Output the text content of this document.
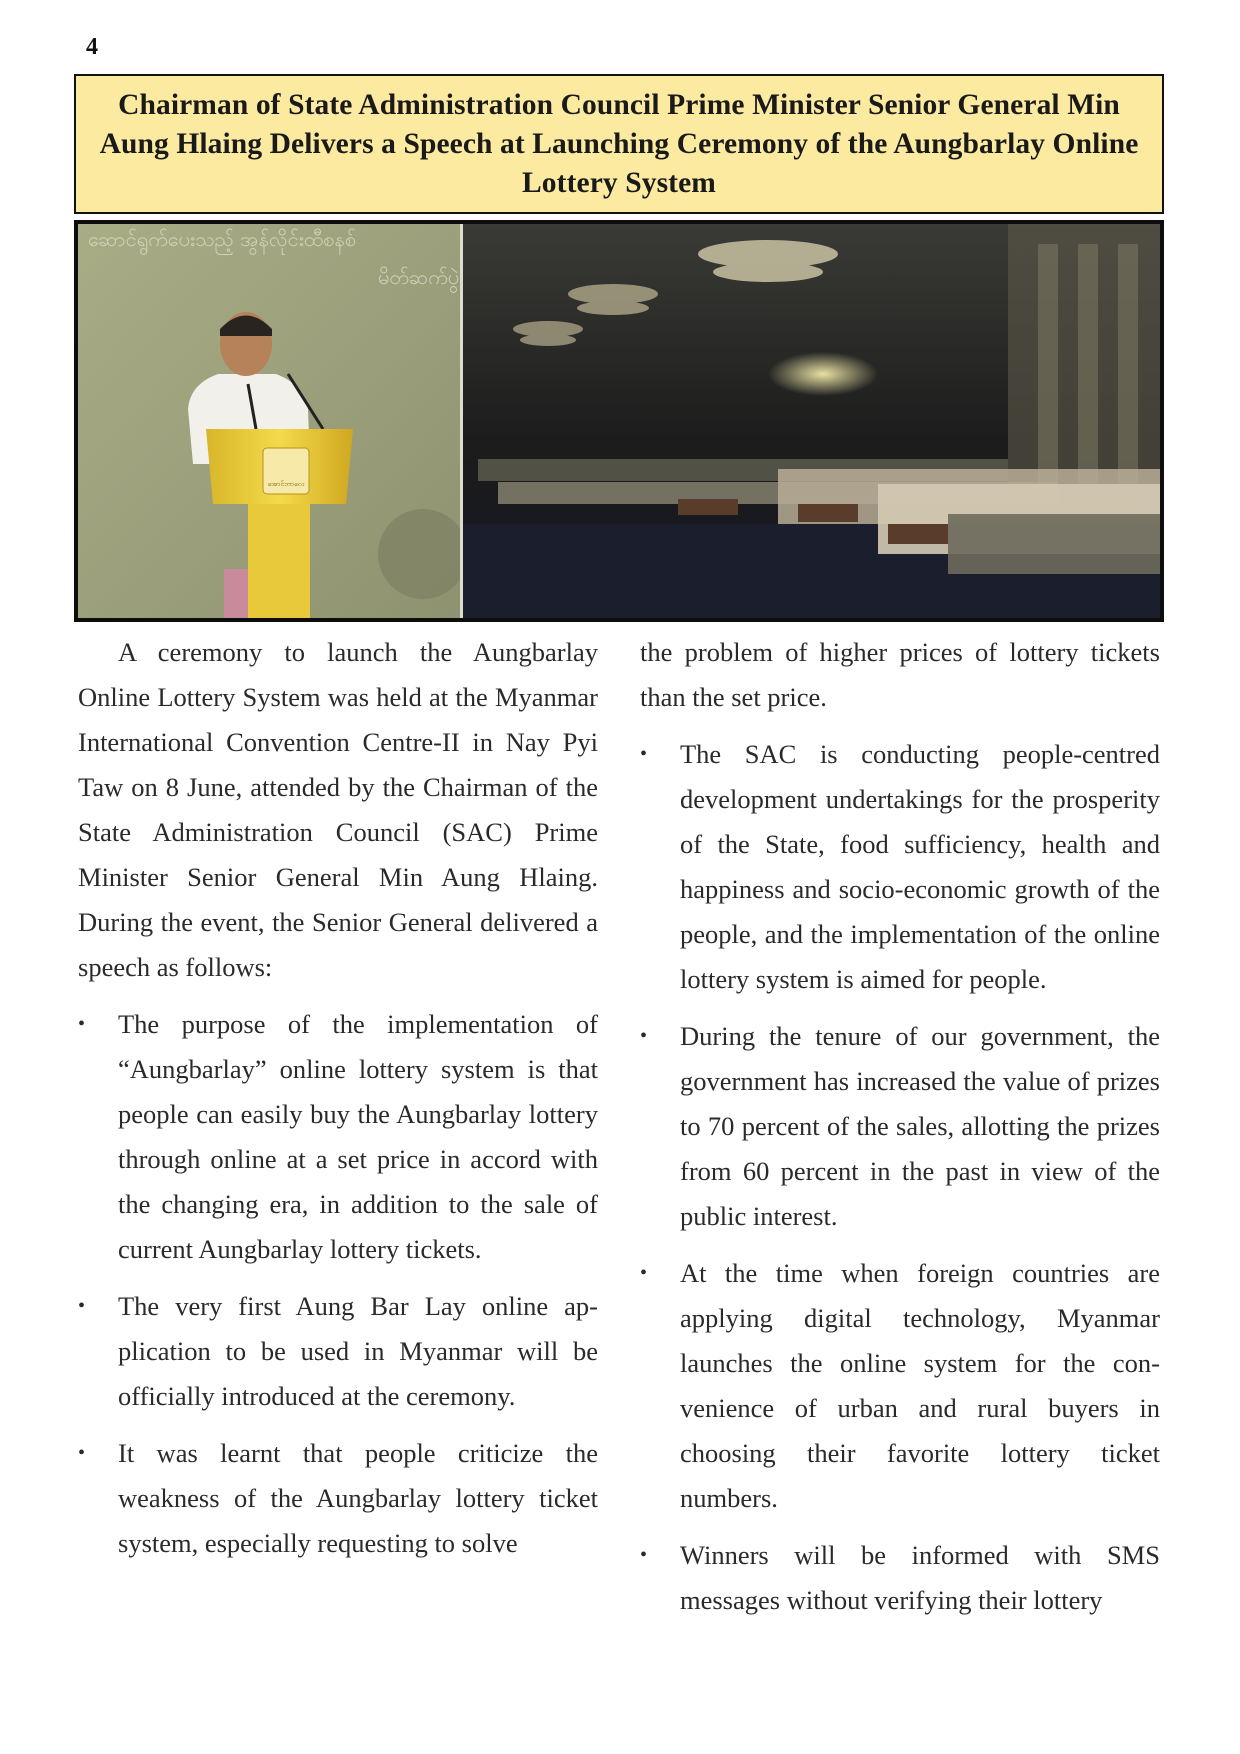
4
Chairman of State Administration Council Prime Minister Senior General Min Aung Hlaing Delivers a Speech at Launching Ceremony of the Aungbarlay Online Lottery System
ဆောင်ရွက်ပေးသည့် အွန်လိုင်းထီစနစ်
မိတ်ဆက်ပွဲ
အောင်ဘာလေ

A ceremony to launch the Aungbarlay Online Lottery System was held at the Myanmar International Convention Centre-II in Nay Pyi Taw on 8 June, attended by the Chairman of the State Administration Council (SAC) Prime Minister Senior General Min Aung Hlaing. During the event, the Senior General delivered a speech as follows:

• The purpose of the implementation of “Aungbarlay” online lottery system is that people can easily buy the Aungbarlay lottery through online at a set price in accord with the changing era, in addition to the sale of current Aungbarlay lottery tickets.
• The very first Aung Bar Lay online application to be used in Myanmar will be officially introduced at the ceremony.
• It was learnt that people criticize the weakness of the Aungbarlay lottery ticket system, especially requesting to solve

the problem of higher prices of lottery tickets than the set price.

• The SAC is conducting people-centred development undertakings for the prosperity of the State, food sufficiency, health and happiness and socio-economic growth of the people, and the implementation of the online lottery system is aimed for people.
• During the tenure of our government, the government has increased the value of prizes to 70 percent of the sales, allotting the prizes from 60 percent in the past in view of the public interest.
• At the time when foreign countries are applying digital technology, Myanmar launches the online system for the convenience of urban and rural buyers in choosing their favorite lottery ticket numbers.
• Winners will be informed with SMS messages without verifying their lottery
